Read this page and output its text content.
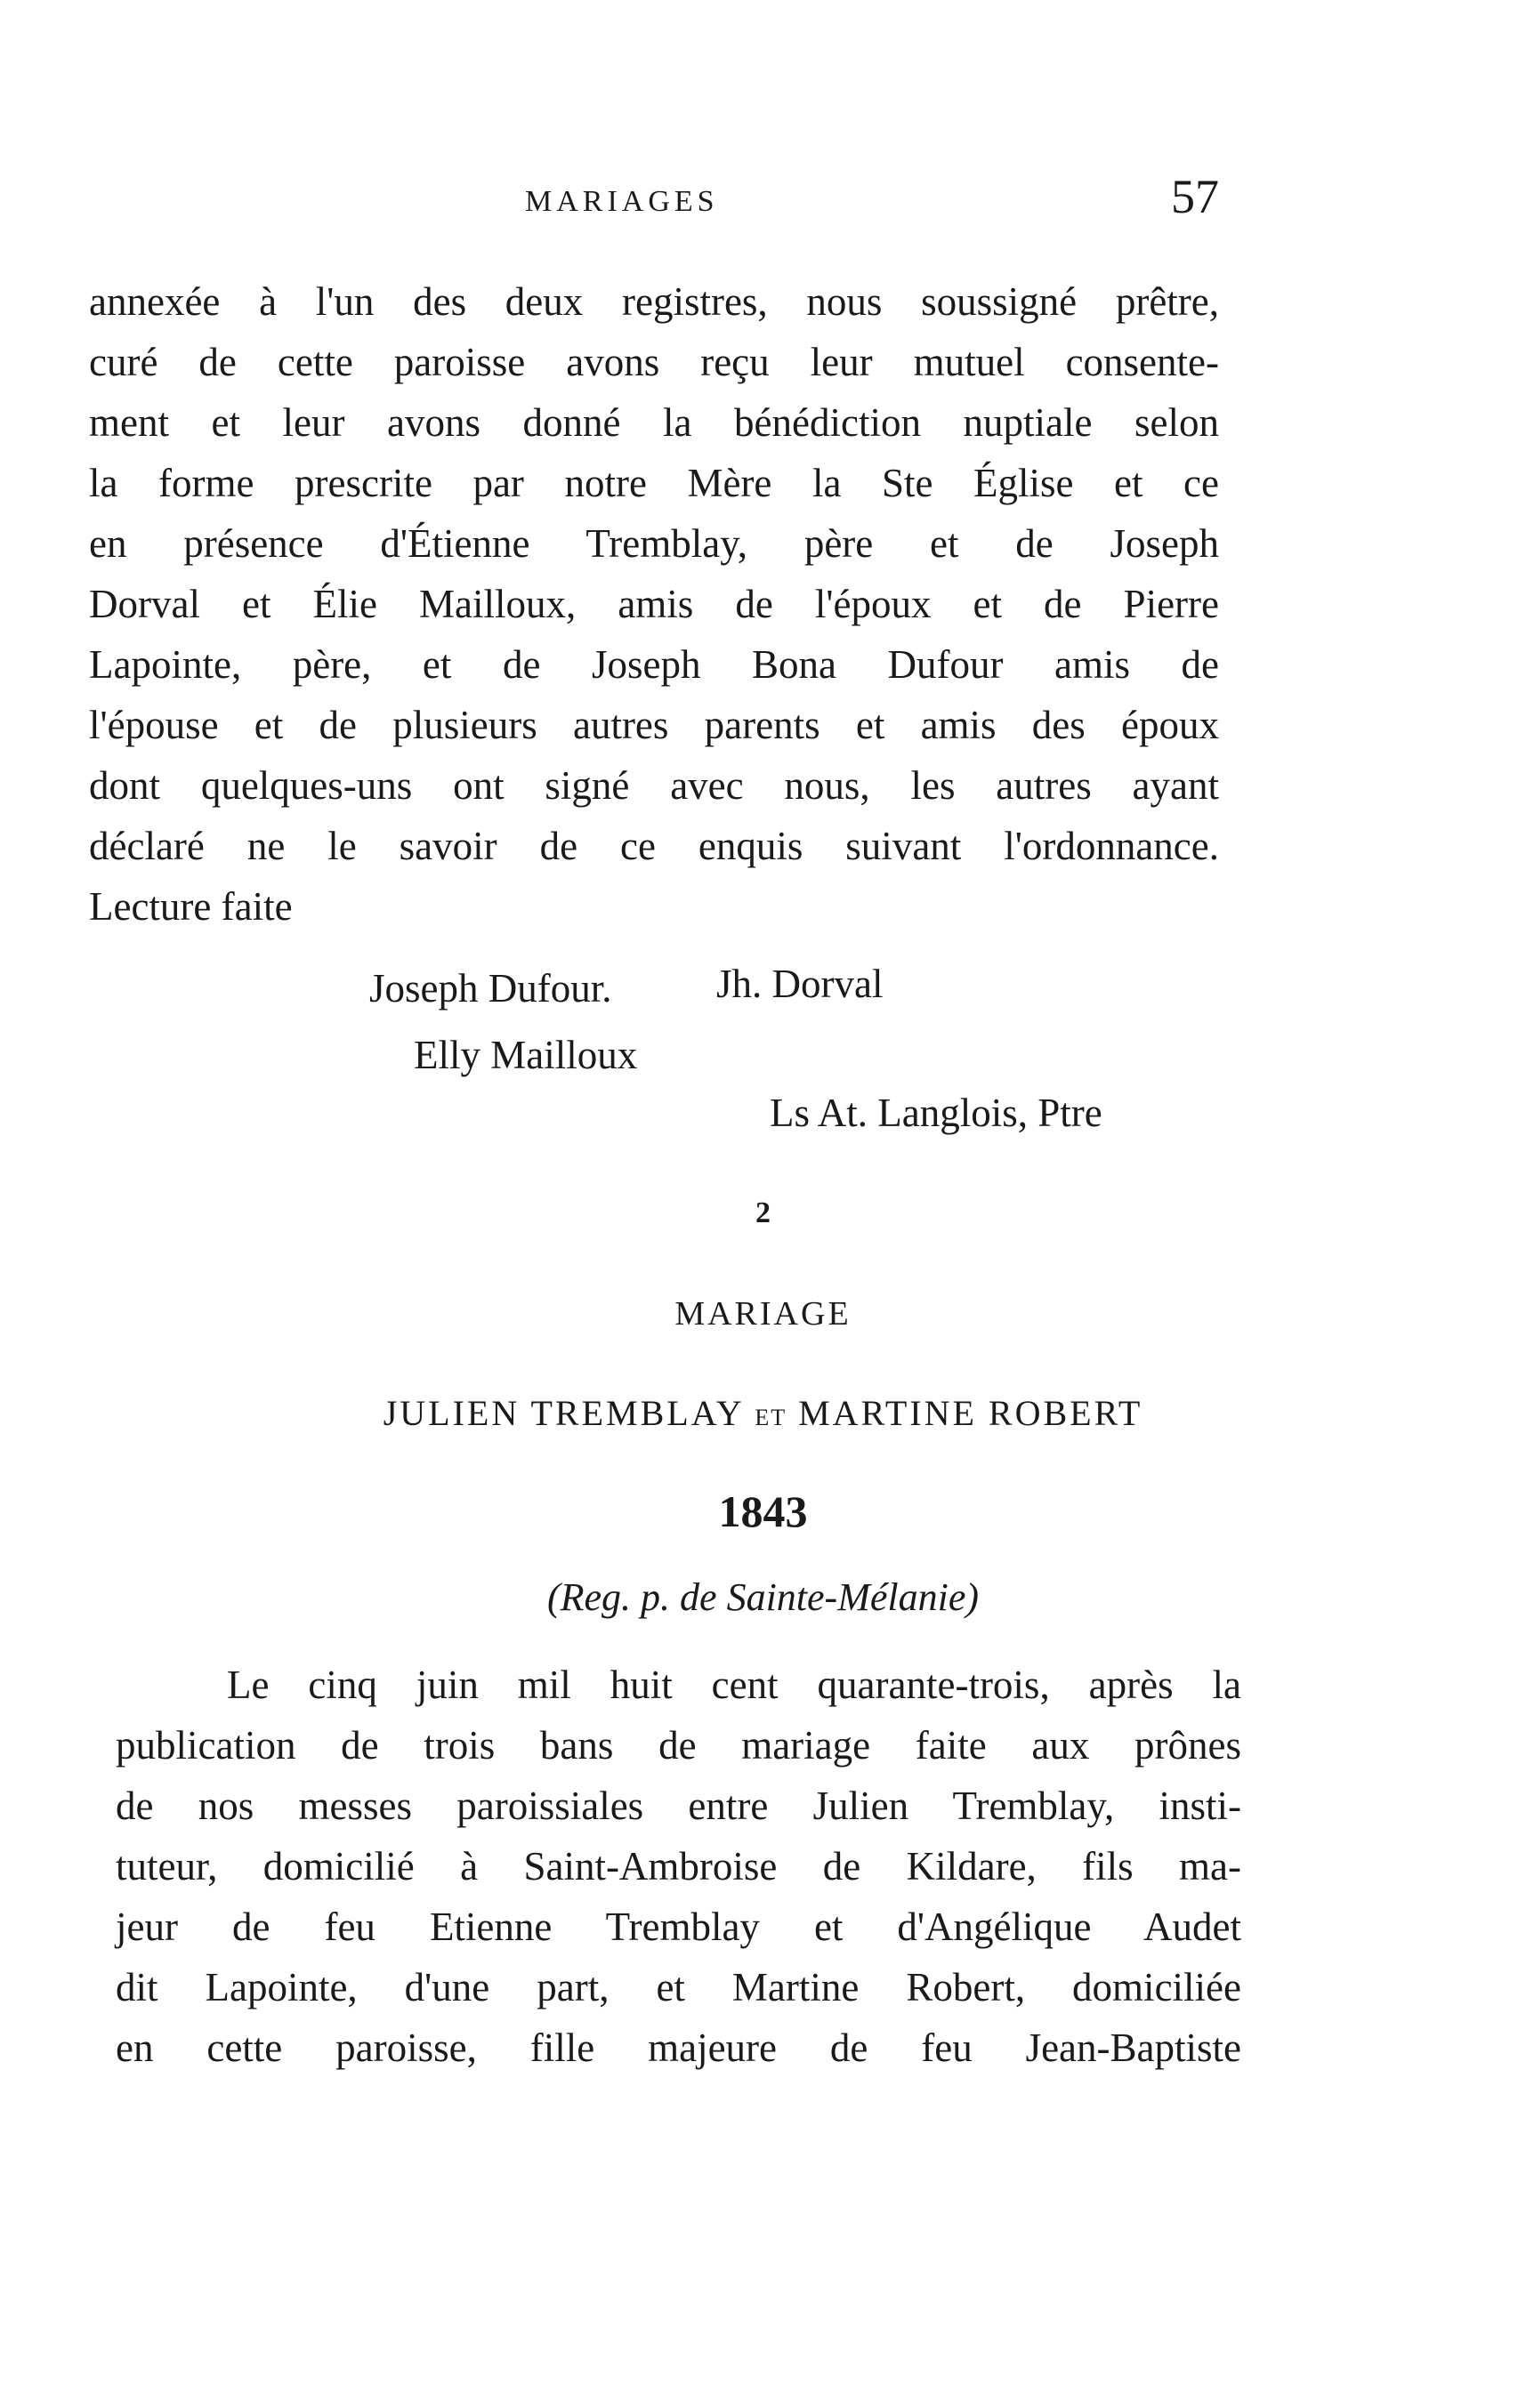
MARIAGES	57
annexée à l'un des deux registres, nous soussigné prêtre,
curé de cette paroisse avons reçu leur mutuel consente-
ment et leur avons donné la bénédiction nuptiale selon
la forme prescrite par notre Mère la Ste Église et ce
en présence d'Étienne Tremblay, père et de Joseph
Dorval et Élie Mailloux, amis de l'époux et de Pierre
Lapointe, père, et de Joseph Bona Dufour amis de
l'épouse et de plusieurs autres parents et amis des époux
dont quelques-uns ont signé avec nous, les autres ayant
déclaré ne le savoir de ce enquis suivant l'ordonnance.
Lecture faite
Joseph Dufour.	Jh. Dorval
Elly Mailloux
Ls At. Langlois, Ptre
2
MARIAGE
JULIEN TREMBLAY ET MARTINE ROBERT
1843
(Reg. p. de Sainte-Mélanie)
Le cinq juin mil huit cent quarante-trois, après la
publication de trois bans de mariage faite aux prônes
de nos messes paroissiales entre Julien Tremblay, insti-
tuteur, domicilié à Saint-Ambroise de Kildare, fils ma-
jeur de feu Etienne Tremblay et d'Angélique Audet
dit Lapointe, d'une part, et Martine Robert, domiciliée
en cette paroisse, fille majeure de feu Jean-Baptiste
